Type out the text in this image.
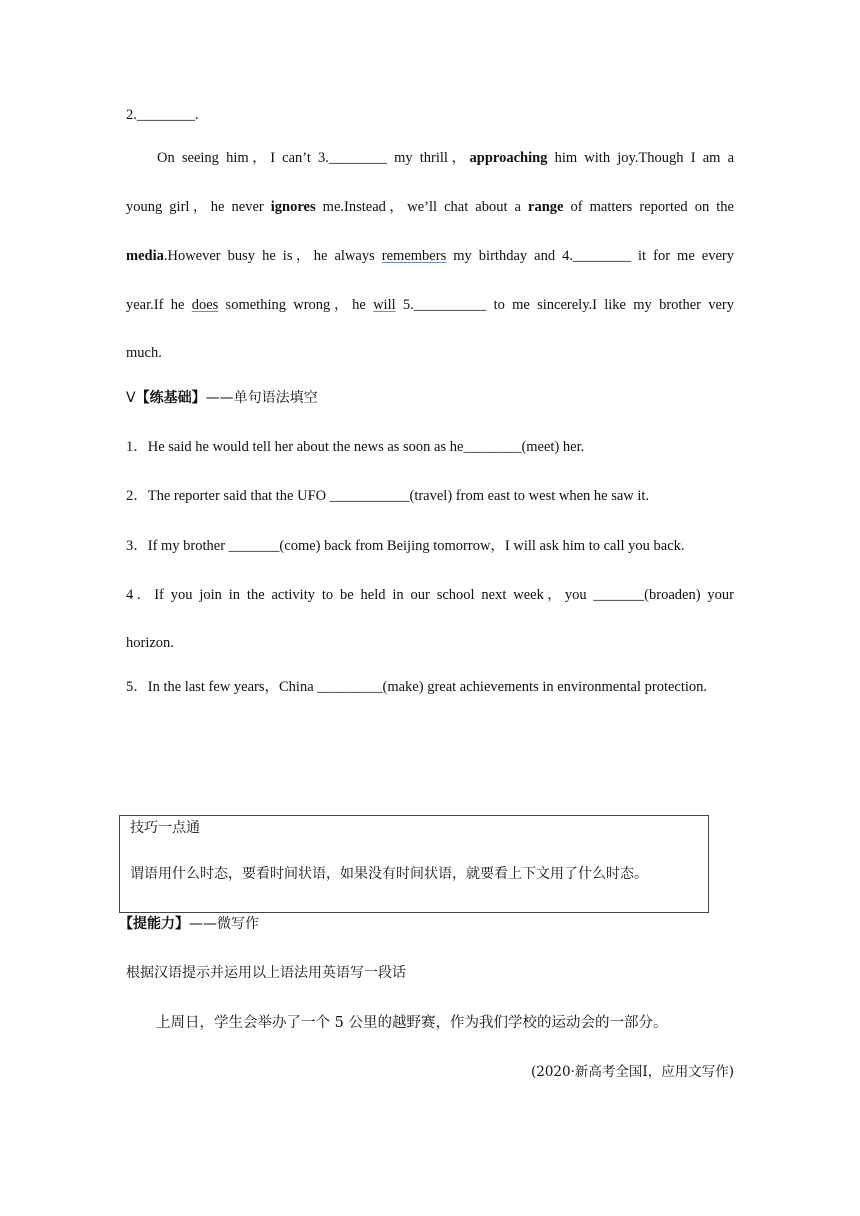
2.________.
On seeing him，I can’t 3.________ my thrill，approaching him with joy.Though I am a
young girl，he never ignores me.Instead，we’ll chat about a range of matters reported on the
media.However busy he is，he always remembers my birthday and 4.________ it for me every
year.If he does something wrong，he will 5.__________ to me sincerely.I like my brother very
much.
Ⅴ【练基础】——单句语法填空
1．He said he would tell her about the news as soon as he________(meet) her.
2．The reporter said that the UFO ___________(travel) from east to west when he saw it.
3．If my brother _______(come) back from Beijing tomorrow，I will ask him to call you back.
4．If you join in the activity to be held in our school next week，you _______(broaden) your
horizon.
5．In the last few years，China _________(make) great achievements in environmental protection.
技巧一点通
谓语用什么时态，要看时间状语，如果没有时间状语，就要看上下文用了什么时态。
【提能力】——微写作
根据汉语提示并运用以上语法用英语写一段话
上周日，学生会举办了一个 5 公里的越野赛，作为我们学校的运动会的一部分。
(2020·新高考全国Ⅰ，应用文写作)
